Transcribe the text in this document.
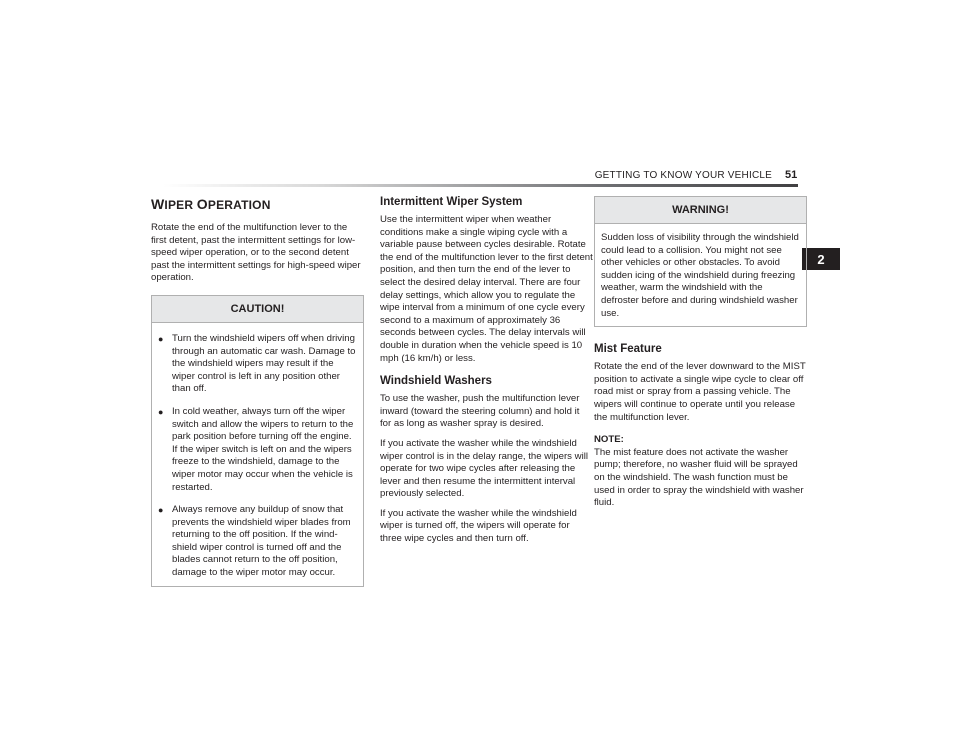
GETTING TO KNOW YOUR VEHICLE 51
2
WIPER OPERATION

Rotate the end of the multifunction lever to the first detent, past the intermittent settings for low-speed wiper operation, or to the second detent past the intermittent settings for high-speed wiper operation.

CAUTION!
● Turn the windshield wipers off when driving through an automatic car wash. Damage to the windshield wipers may result if the wiper control is left in any position other than off.
● In cold weather, always turn off the wiper switch and allow the wipers to return to the park position before turning off the engine. If the wiper switch is left on and the wipers freeze to the windshield, damage to the wiper motor may occur when the vehicle is restarted.
● Always remove any buildup of snow that prevents the windshield wiper blades from returning to the off position. If the wind-shield wiper control is turned off and the blades cannot return to the off position, damage to the wiper motor may occur.
Intermittent Wiper System

Use the intermittent wiper when weather conditions make a single wiping cycle with a variable pause between cycles desirable. Rotate the end of the multifunction lever to the first detent position, and then turn the end of the lever to select the desired delay interval. There are four delay settings, which allow you to regulate the wipe interval from a minimum of one cycle every second to a maximum of approximately 36 seconds between cycles. The delay intervals will double in duration when the vehicle speed is 10 mph (16 km/h) or less.

Windshield Washers

To use the washer, push the multifunction lever inward (toward the steering column) and hold it for as long as washer spray is desired.

If you activate the washer while the windshield wiper control is in the delay range, the wipers will operate for two wipe cycles after releasing the lever and then resume the intermittent interval previously selected.

If you activate the washer while the windshield wiper is turned off, the wipers will operate for three wipe cycles and then turn off.

WARNING!

Sudden loss of visibility through the windshield could lead to a collision. You might not see other vehicles or other obstacles. To avoid sudden icing of the windshield during freezing weather, warm the windshield with the defroster before and during windshield washer use.

Mist Feature

Rotate the end of the lever downward to the MIST position to activate a single wipe cycle to clear off road mist or spray from a passing vehicle. The wipers will continue to operate until you release the multifunction lever.

NOTE:

The mist feature does not activate the washer pump; therefore, no washer fluid will be sprayed on the windshield. The wash function must be used in order to spray the windshield with washer fluid.
